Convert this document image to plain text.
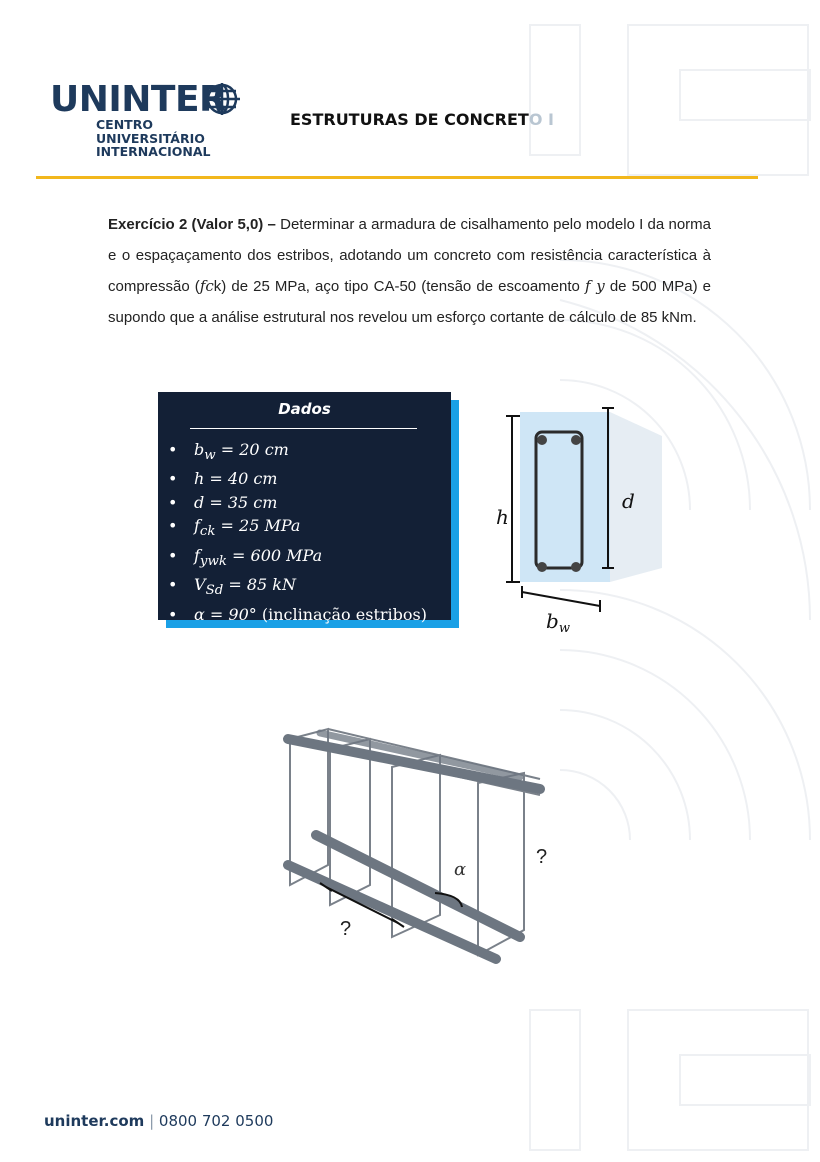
UNINTER
CENTRO
UNIVERSITÁRIO
INTERNACIONAL
ESTRUTURAS DE CONCRETO I
Exercício 2 (Valor 5,0) – Determinar a armadura de cisalhamento pelo modelo I da norma e o espaçaçamento dos estribos, adotando um concreto com resistência característica à compressão (fck) de 25 MPa, aço tipo CA-50 (tensão de escoamento f y de 500 MPa) e supondo que a análise estrutural nos revelou um esforço cortante de cálculo de 85 kNm.
Dados
• $b_w = 20$ cm
• h = 40 cm
• d = 35 cm
• $f_{ck} = 25$ MPa
• $f_{ywk} = 600$ MPa
• $V_{Sd} = 85$ kN
• α = 90° (inclinação estribos)
h
d
$b_w$
α
?
?
uninter.com | 0800 702 0500
